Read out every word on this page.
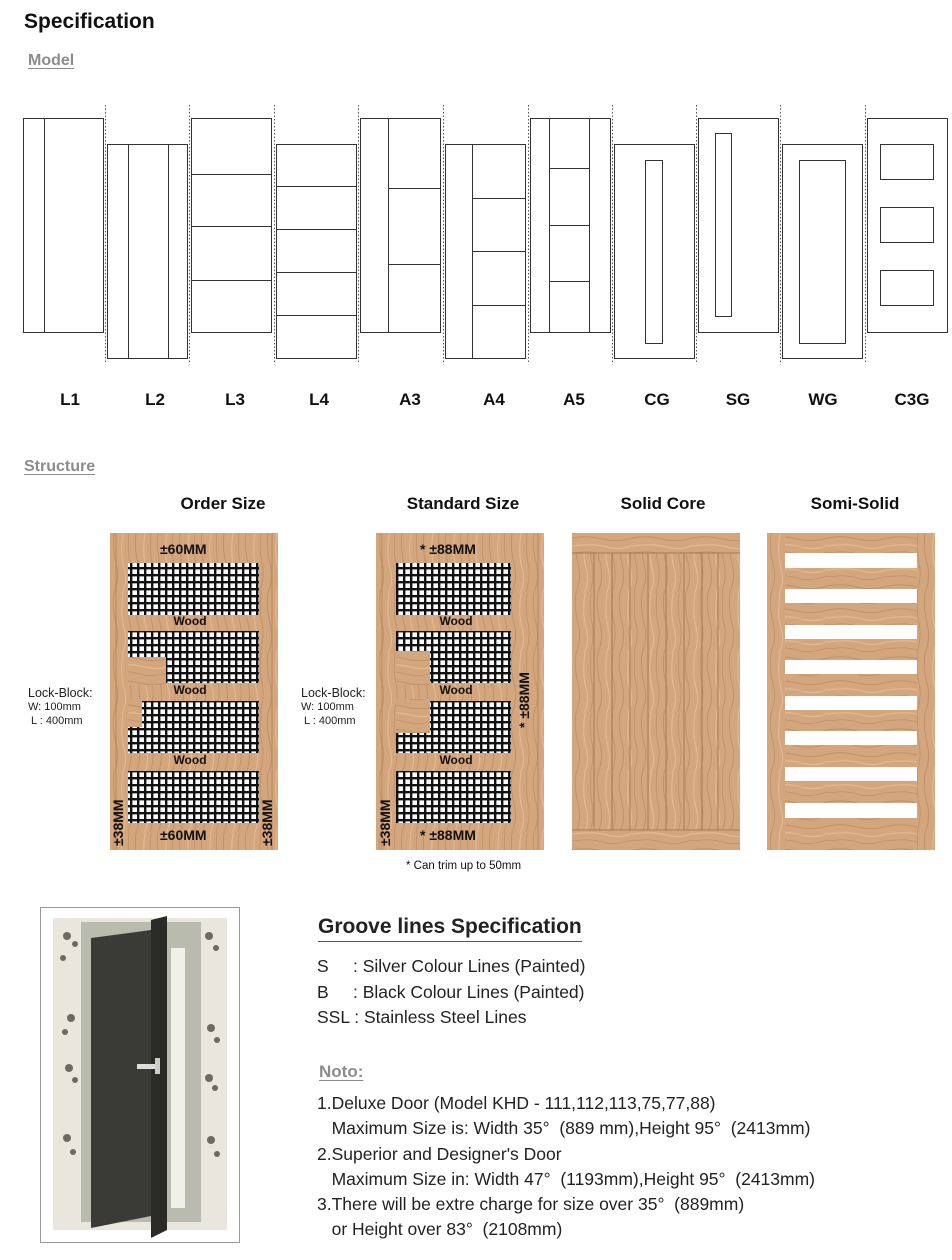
Specification
Model
L1	L2	L3	L4	A3	A4	A5	CG	SG	WG	C3G
Structure
Order Size	Standard Size	Solid Core	Somi-Solid
Lock-Block:
W: 100mm
L : 400mm
Lock-Block:
W: 100mm
L : 400mm
±60MM
±60MM
Wood
Wood
Wood
±38MM	±38MM
* ±88MM
* ±88MM
Wood
Wood
Wood
* ±88MM
±38MM
* Can trim up to 50mm
Groove lines Specification
S     : Silver Colour Lines (Painted)
B     : Black Colour Lines (Painted)
SSL : Stainless Steel Lines
Noto:
1.Deluxe Door (Model KHD - 111,112,113,75,77,88)
Maximum Size is: Width 35°  (889 mm),Height 95°  (2413mm)
2.Superior and Designer's Door
Maximum Size in: Width 47°  (1193mm),Height 95°  (2413mm)
3.There will be extre charge for size over 35°  (889mm)
or Height over 83°  (2108mm)
